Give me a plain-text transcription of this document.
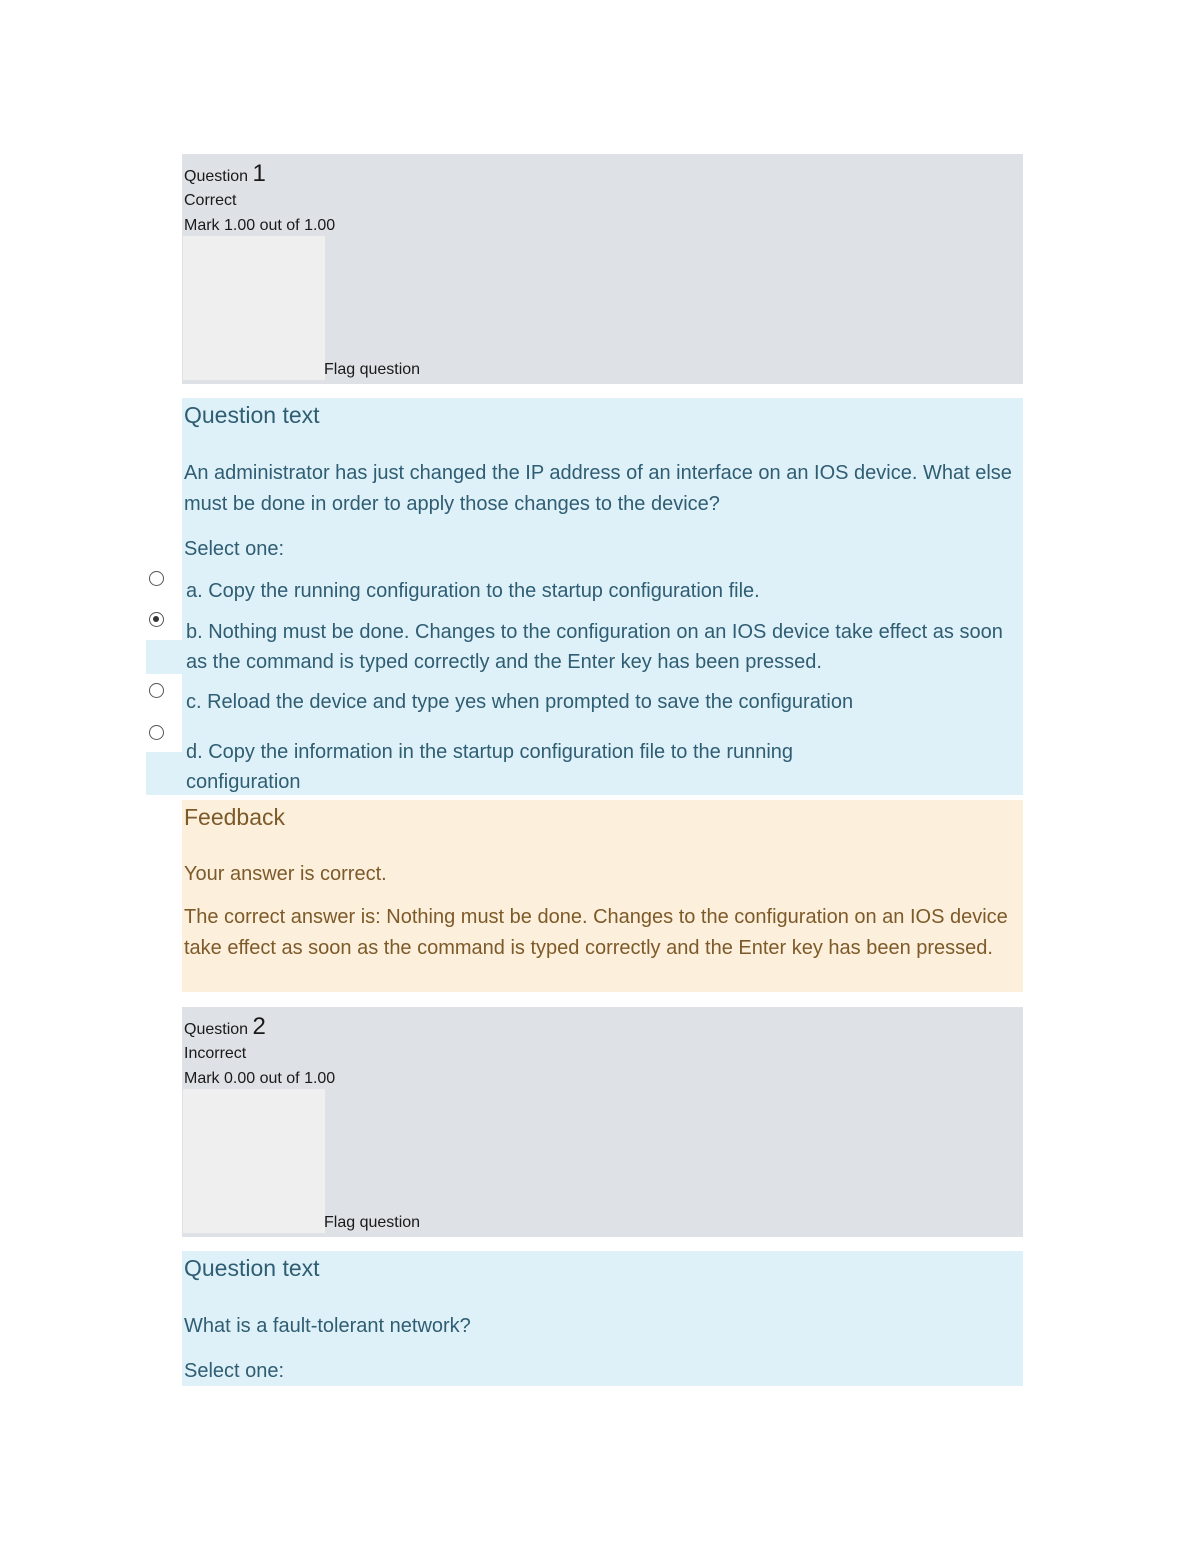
Question 1
Correct
Mark 1.00 out of 1.00
Flag question
Question text
An administrator has just changed the IP address of an interface on an IOS device. What else must be done in order to apply those changes to the device?
Select one:
a. Copy the running configuration to the startup configuration file.
b. Nothing must be done. Changes to the configuration on an IOS device take effect as soon as the command is typed correctly and the Enter key has been pressed.
c. Reload the device and type yes when prompted to save the configuration
d. Copy the information in the startup configuration file to the running configuration
Feedback
Your answer is correct.
The correct answer is: Nothing must be done. Changes to the configuration on an IOS device take effect as soon as the command is typed correctly and the Enter key has been pressed.
Question 2
Incorrect
Mark 0.00 out of 1.00
Flag question
Question text
What is a fault-tolerant network?
Select one:
